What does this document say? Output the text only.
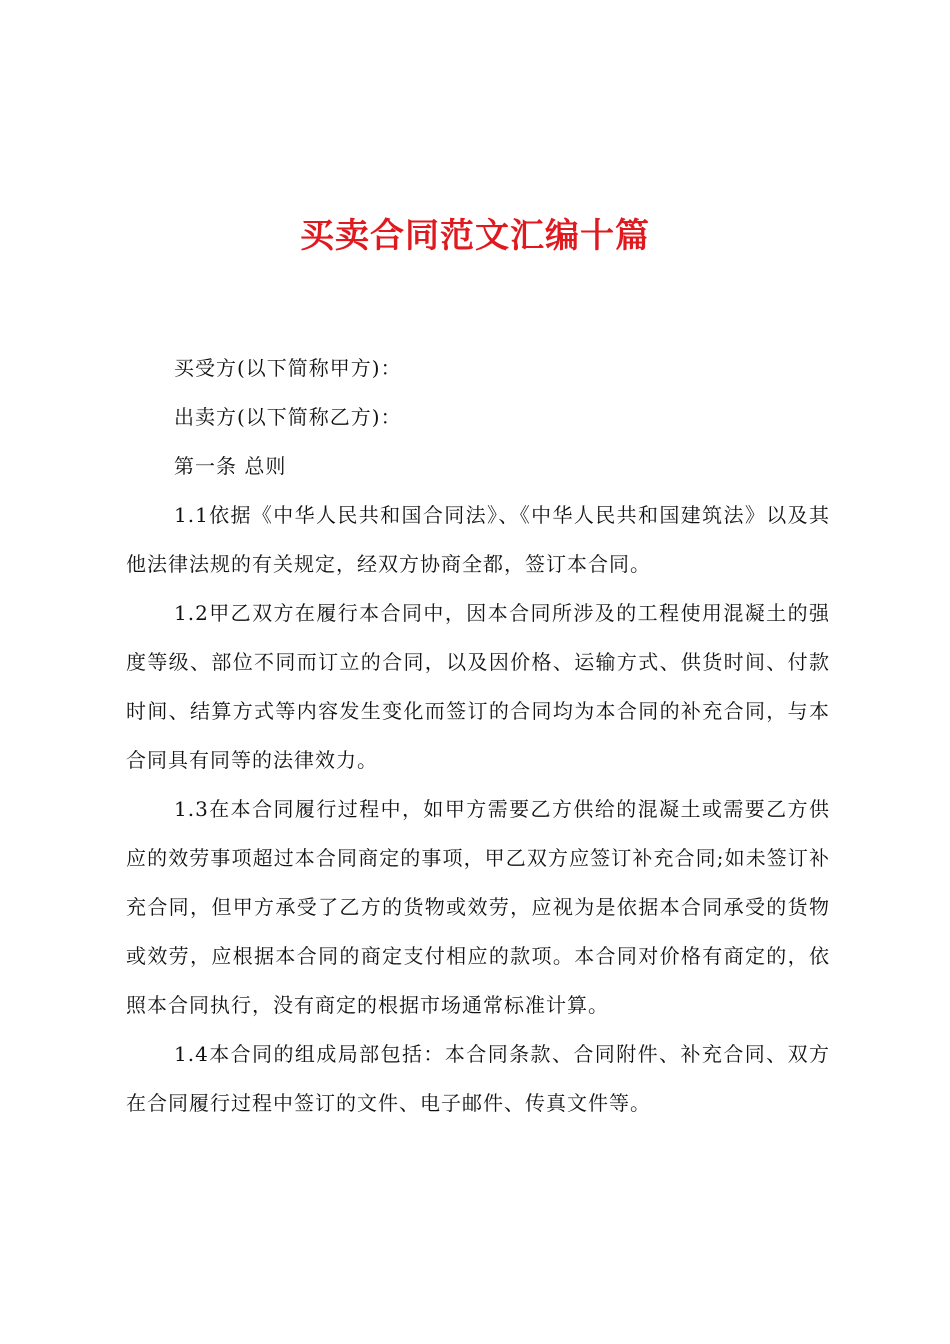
买卖合同范文汇编十篇

买受方(以下简称甲方)：

出卖方(以下简称乙方)：

第一条 总则

1.1依据《中华人民共和国合同法》、《中华人民共和国建筑法》以及其他法律法规的有关规定，经双方协商全都，签订本合同。

1.2甲乙双方在履行本合同中，因本合同所涉及的工程使用混凝土的强度等级、部位不同而订立的合同，以及因价格、运输方式、供货时间、付款时间、结算方式等内容发生变化而签订的合同均为本合同的补充合同，与本合同具有同等的法律效力。

1.3在本合同履行过程中，如甲方需要乙方供给的混凝土或需要乙方供应的效劳事项超过本合同商定的事项，甲乙双方应签订补充合同;如未签订补充合同，但甲方承受了乙方的货物或效劳，应视为是依据本合同承受的货物或效劳，应根据本合同的商定支付相应的款项。本合同对价格有商定的，依照本合同执行，没有商定的根据市场通常标准计算。

1.4本合同的组成局部包括：本合同条款、合同附件、补充合同、双方在合同履行过程中签订的文件、电子邮件、传真文件等。
